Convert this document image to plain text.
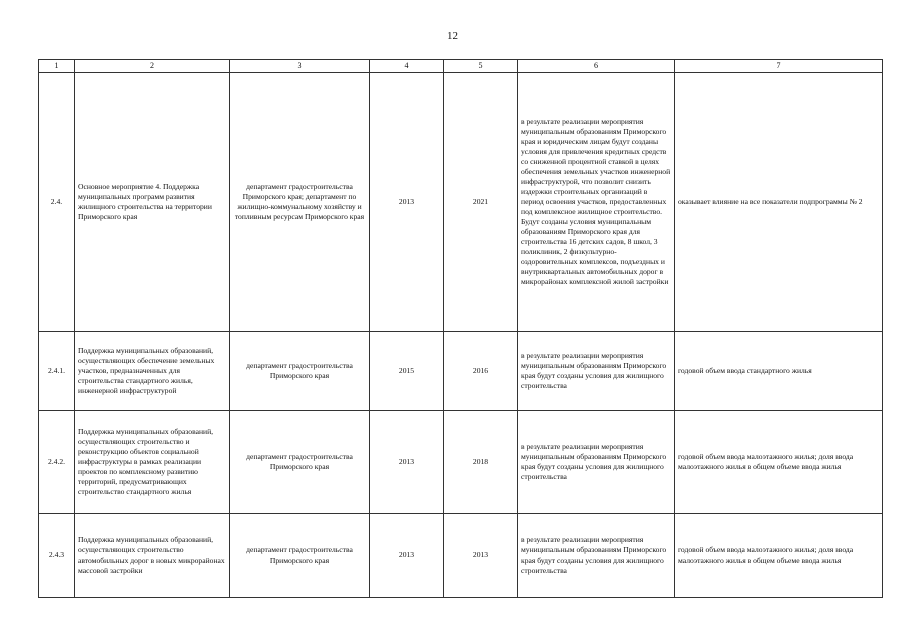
12
1	2	3	4	5	6	7
2.4.	Основное мероприятие 4. Поддержка муниципальных программ развития жилищного строительства на территории Приморского края	департамент градостроительства Приморского края; департамент по жилищно-коммунальному хозяйству и топливным ресурсам Приморского края	2013	2021	в результате реализации мероприятия муниципальным образованиям Приморского края и юридическим лицам будут созданы условия для привлечения кредитных средств со сниженной процентной ставкой в целях обеспечения земельных участков инженерной инфраструктурой, что позволит снизить издержки строительных организаций в период освоения участков, предоставленных под комплексное жилищное строительство. Будут созданы условия муниципальным образованиям Приморского края для строительства 16 детских садов, 8 школ, 3 поликлиник, 2 физкультурно-оздоровительных комплексов, подъездных и внутриквартальных автомобильных дорог в микрорайонах комплексной жилой застройки	оказывает влияние на все показатели подпрограммы № 2
2.4.1.	Поддержка муниципальных образований, осуществляющих обеспечение земельных участков, предназначенных для строительства стандартного жилья, инженерной инфраструктурой	департамент градостроительства Приморского края	2015	2016	в результате реализации мероприятия муниципальным образованиям Приморского края будут созданы условия для жилищного строительства	годовой объем ввода стандартного жилья
2.4.2.	Поддержка муниципальных образований, осуществляющих строительство и реконструкцию объектов социальной инфраструктуры в рамках реализации проектов по комплексному развитию территорий, предусматривающих строительство стандартного жилья	департамент градостроительства Приморского края	2013	2018	в результате реализации мероприятия муниципальным образованиям Приморского края будут созданы условия для жилищного строительства	годовой объем ввода малоэтажного жилья; доля ввода малоэтажного жилья в общем объеме ввода жилья
2.4.3	Поддержка муниципальных образований, осуществляющих строительство автомобильных дорог в новых микрорайонах массовой застройки	департамент градостроительства Приморского края	2013	2013	в результате реализации мероприятия муниципальным образованиям Приморского края будут созданы условия для жилищного строительства	годовой объем ввода малоэтажного жилья; доля ввода малоэтажного жилья в общем объеме ввода жилья
